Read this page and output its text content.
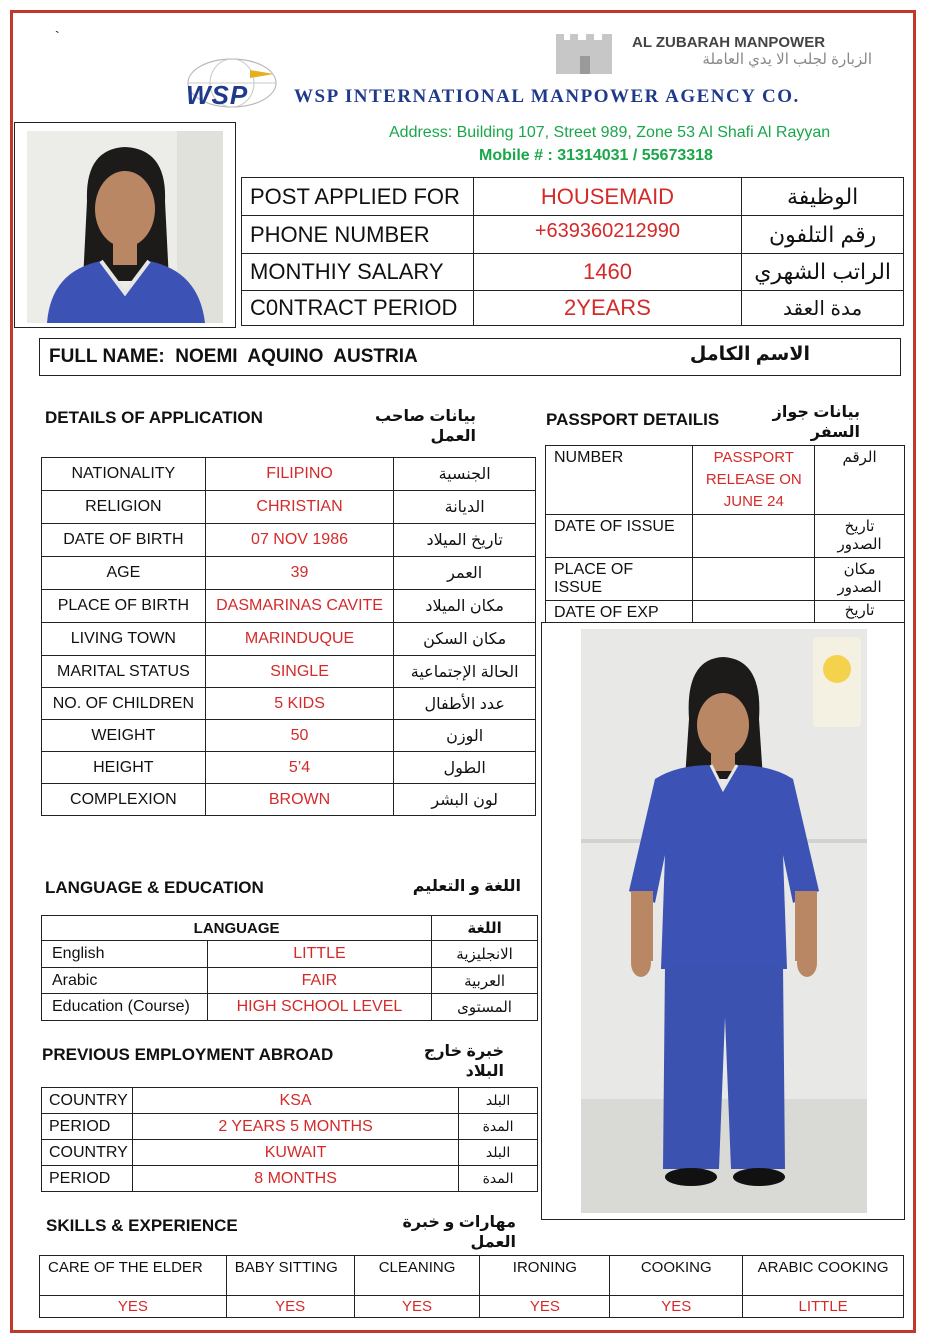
`
WSP WSP INTERNATIONAL MANPOWER AGENCY CO.
AL ZUBARAH MANPOWER
الزبارة لجلب الا يدي العاملة
Address: Building 107, Street 989, Zone 53 Al Shafi Al Rayyan
Mobile # : 31314031 / 55673318
POST APPLIED FOR	HOUSEMAID	الوظيفة
PHONE NUMBER	+639360212990	رقم التلفون
MONTHIY SALARY	1460	الراتب الشهري
C0NTRACT PERIOD	2YEARS	مدة العقد
FULL NAME:  NOEMI  AQUINO  AUSTRIA	الاسم الكامل
DETAILS OF APPLICATION	بيانات صاحب العمل
NATIONALITY	FILIPINO	الجنسية
RELIGION	CHRISTIAN	الديانة
DATE OF BIRTH	07 NOV 1986	تاريخ الميلاد
AGE	39	العمر
PLACE OF BIRTH	DASMARINAS CAVITE	مكان الميلاد
LIVING TOWN	MARINDUQUE	مكان السكن
MARITAL STATUS	SINGLE	الحالة الإجتماعية
NO. OF CHILDREN	5 KIDS	عدد الأطفال
WEIGHT	50	الوزن
HEIGHT	5’4	الطول
COMPLEXION	BROWN	لون البشر
PASSPORT DETAILIS	بيانات جواز السفر
NUMBER	PASSPORT RELEASE ON JUNE 24	الرقم
DATE OF ISSUE		تاريخ الصدور
PLACE OF ISSUE		مكان الصدور
DATE OF EXP		تاريخ
LANGUAGE & EDUCATION	اللغة و التعليم
LANGUAGE		اللغة
English	LITTLE	الانجليزية
Arabic	FAIR	العربية
Education (Course)	HIGH SCHOOL LEVEL	المستوى
PREVIOUS EMPLOYMENT ABROAD	خبرة خارج البلاد
COUNTRY	KSA	البلد
PERIOD	2 YEARS 5 MONTHS	المدة
COUNTRY	KUWAIT	البلد
PERIOD	8 MONTHS	المدة
SKILLS & EXPERIENCE	مهارات و خبرة العمل
CARE OF THE ELDER	BABY SITTING	CLEANING	IRONING	COOKING	ARABIC COOKING
YES	YES	YES	YES	YES	LITTLE
